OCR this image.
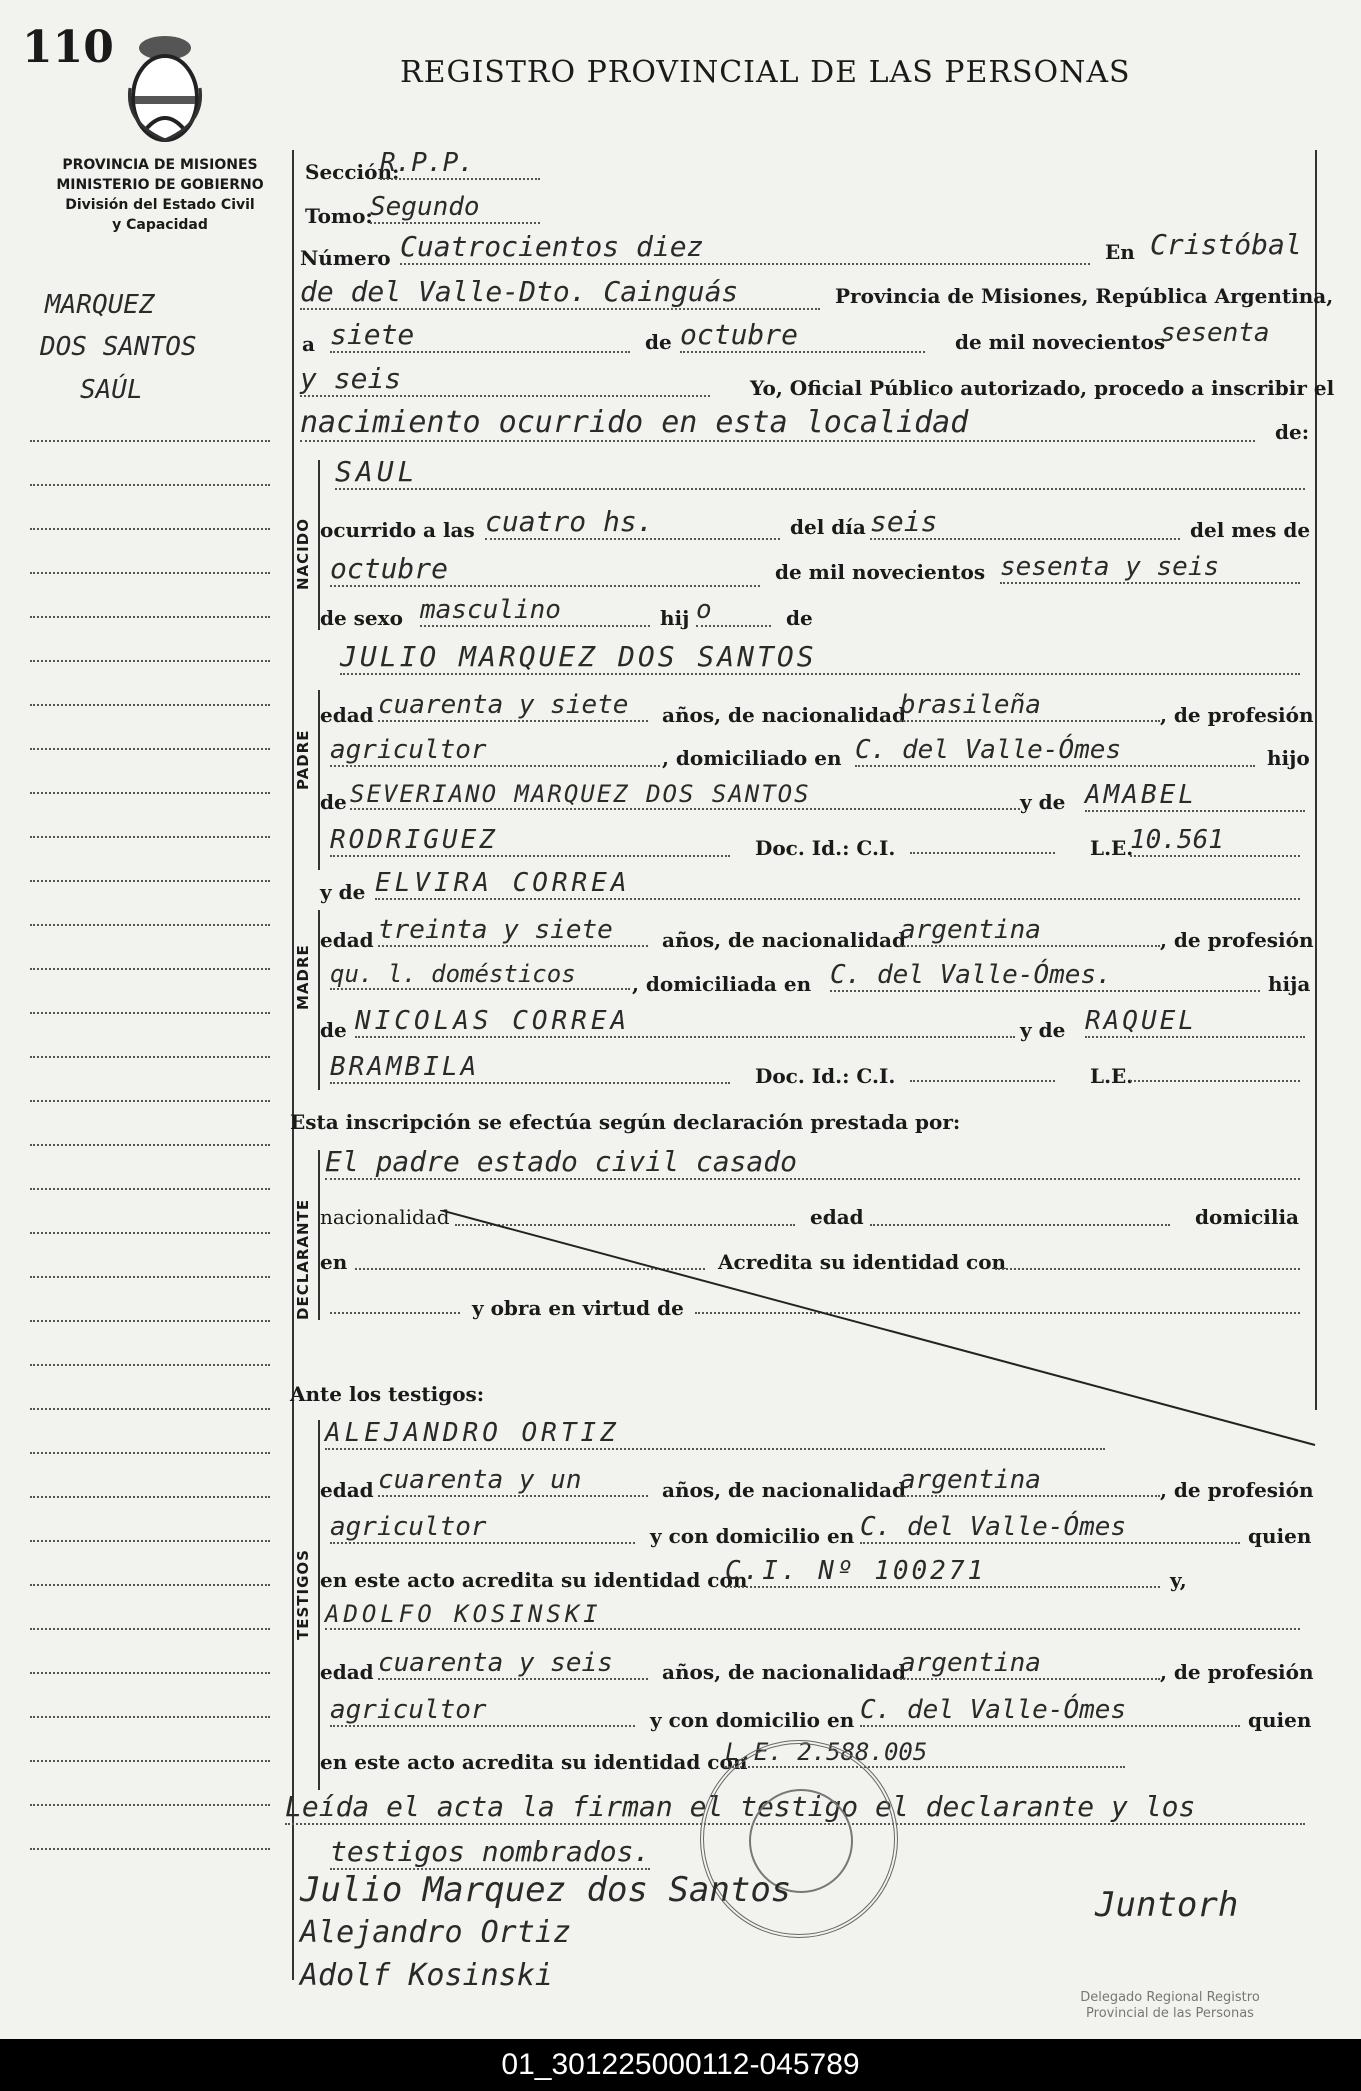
110	REGISTRO PROVINCIAL DE LAS PERSONAS
PROVINCIA DE MISIONES
MINISTERIO DE GOBIERNO
División del Estado Civil
y Capacidad
MARQUEZ
DOS SANTOS
SAÚL
Sección:
R.P.P.
Tomo:
Segundo
Número Cuatrocientos diez	En Cristóbal
de del Valle-Dto. Cainguás	Provincia de Misiones, República Argentina,
a siete	de octubre	de mil novecientos
sesenta
y seis	Yo, Oficial Público autorizado, procedo a inscribir el
nacimiento ocurrido en esta localidad	de:
NACIDO
SAUL
ocurrido a las cuatro hs.	del día seis	del mes de
octubre	de mil novecientos sesenta y seis
de sexo masculino	hij o	de
PADRE
JULIO MARQUEZ DOS SANTOS
edad cuarenta y siete	años, de nacionalidad
brasileña	, de profesión
agricultor	, domiciliado en C. del Valle-Ómes	hijo
de SEVERIANO MARQUEZ DOS SANTOS	y de AMABEL
RODRIGUEZ	Doc. Id.: C.I.	L.E.
10.561
MADRE
y de ELVIRA CORREA
edad treinta y siete	años, de nacionalidad
argentina	, de profesión
qu. l. domésticos	, domiciliada en C. del Valle-Ómes.	hija
de NICOLAS CORREA	y de RAQUEL
BRAMBILA	Doc. Id.: C.I.	L.E.
Esta inscripción se efectúa según declaración prestada por:
DECLARANTE
El padre estado civil casado
nacionalidad	edad	domicilia
en	Acredita su identidad con
y obra en virtud de
Ante los testigos:
TESTIGOS
ALEJANDRO ORTIZ
edad cuarenta y un	años, de nacionalidad
argentina	, de profesión
agricultor	y con domicilio en C. del Valle-Ómes	quien
en este acto acredita su identidad con
C.I. Nº 100271	y,
ADOLFO KOSINSKI
edad cuarenta y seis	años, de nacionalidad
argentina	, de profesión
agricultor	y con domicilio en C. del Valle-Ómes	quien
en este acto acredita su identidad con
L.E. 2.588.005
Leída el acta la firman el testigo el declarante y los
testigos nombrados.
Julio Marquez dos Santos
Alejandro Ortiz
Adolf Kosinski
Juntorh
Delegado Regional Registro
Provincial de las Personas
01_301225000112-045789
